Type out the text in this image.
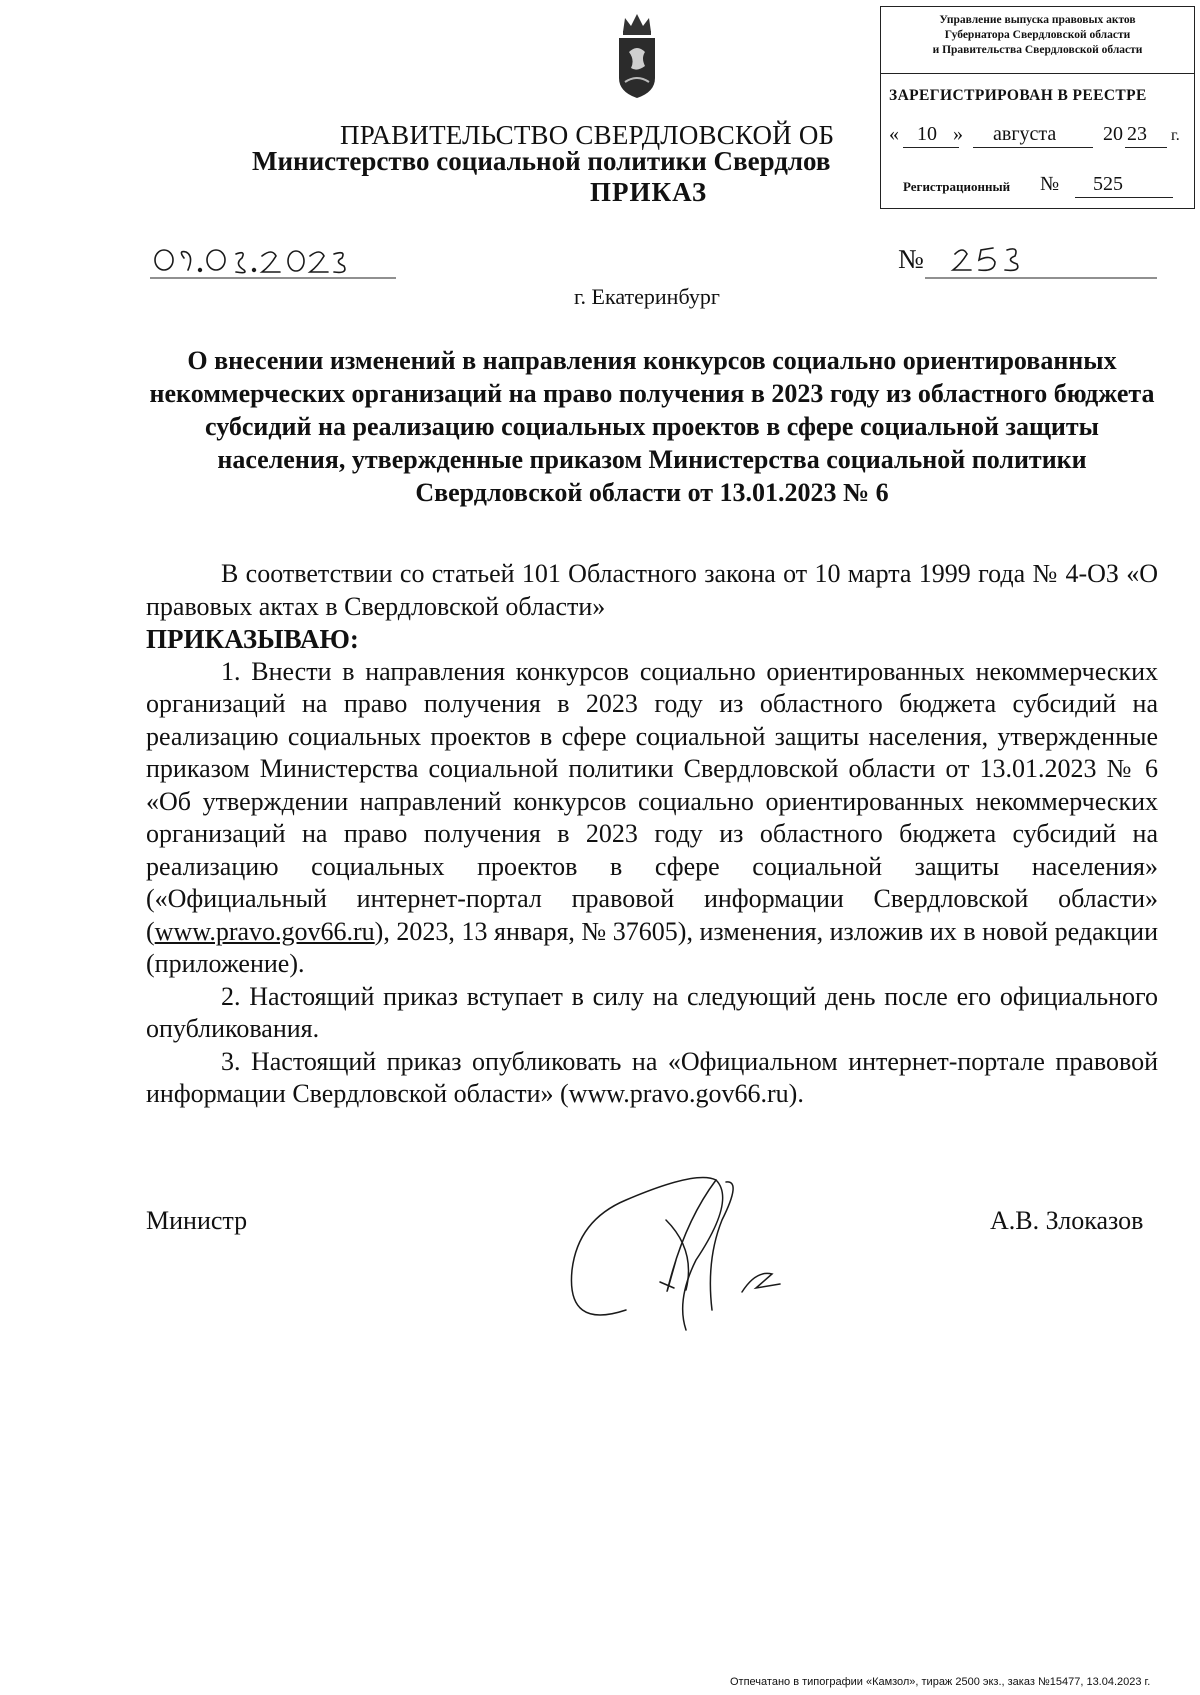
ПРАВИТЕЛЬСТВО СВЕРДЛОВСКОЙ ОБ
Министерство социальной политики Свердлов
ПРИКАЗ
Управление выпуска правовых актов
Губернатора Свердловской области
и Правительства Свердловской области
ЗАРЕГИСТРИРОВАН В РЕЕСТРЕ
« 10 » августа 20 23 г.
Регистрационный № 525
№
г. Екатеринбург
О внесении изменений в направления конкурсов социально ориентированных некоммерческих организаций на право получения в 2023 году из областного бюджета субсидий на реализацию социальных проектов в сфере социальной защиты населения, утвержденные приказом Министерства социальной политики Свердловской области от 13.01.2023 № 6

В соответствии со статьей 101 Областного закона от 10 марта 1999 года № 4-ОЗ «О правовых актах в Свердловской области»

ПРИКАЗЫВАЮ:

1. Внести в направления конкурсов социально ориентированных некоммерческих организаций на право получения в 2023 году из областного бюджета субсидий на реализацию социальных проектов в сфере социальной защиты населения, утвержденные приказом Министерства социальной политики Свердловской области от 13.01.2023 № 6 «Об утверждении направлений конкурсов социально ориентированных некоммерческих организаций на право получения в 2023 году из областного бюджета субсидий на реализацию социальных проектов в сфере социальной защиты населения» («Официальный интернет-портал правовой информации Свердловской области» (www.pravo.gov66.ru), 2023, 13 января, № 37605), изменения, изложив их в новой редакции (приложение).

2. Настоящий приказ вступает в силу на следующий день после его официального опубликования.

3. Настоящий приказ опубликовать на «Официальном интернет-портале правовой информации Свердловской области» (www.pravo.gov66.ru).

Министр	А.В. Злоказов
Отпечатано в типографии «Камзол», тираж 2500 экз., заказ №15477, 13.04.2023 г.
